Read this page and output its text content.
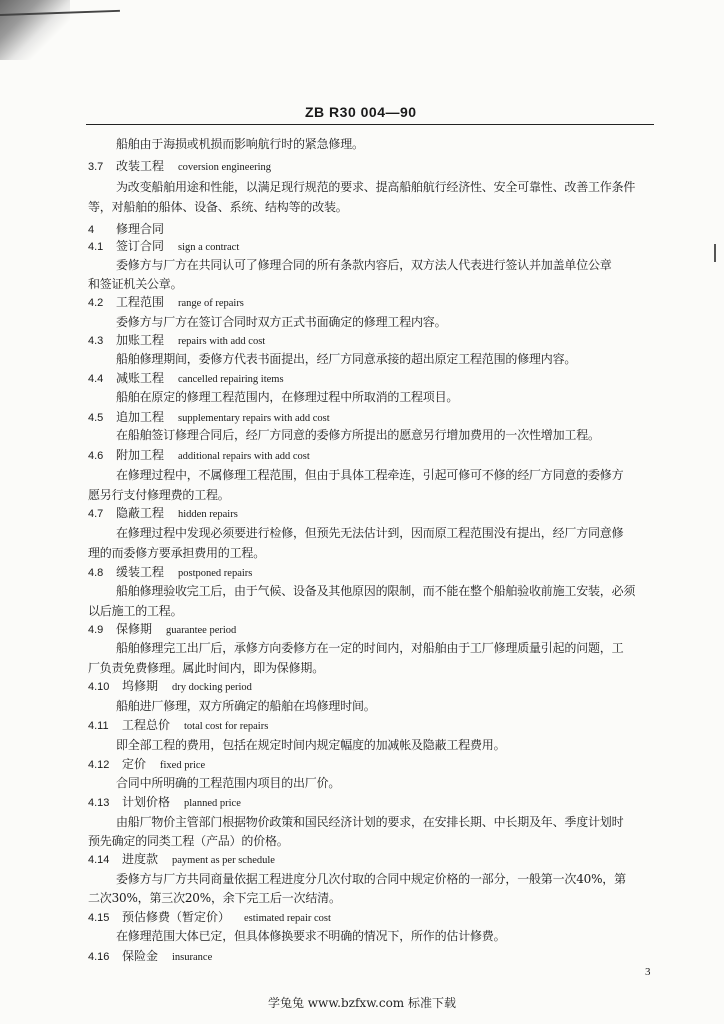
ZB R30 004—90
船舶由于海损或机损而影响航行时的紧急修理。
3.7 改装工程 coversion engineering
为改变船舶用途和性能，以满足现行规范的要求、提高船舶航行经济性、安全可靠性、改善工作条件
等，对船舶的船体、设备、系统、结构等的改装。
4 修理合同
4.1 签订合同 sign a contract
委修方与厂方在共同认可了修理合同的所有条款内容后，双方法人代表进行签认并加盖单位公章
和签证机关公章。
4.2 工程范围 range of repairs
委修方与厂方在签订合同时双方正式书面确定的修理工程内容。
4.3 加账工程 repairs with add cost
船舶修理期间，委修方代表书面提出，经厂方同意承接的超出原定工程范围的修理内容。
4.4 减账工程 cancelled repairing items
船舶在原定的修理工程范围内，在修理过程中所取消的工程项目。
4.5 追加工程 supplementary repairs with add cost
在船舶签订修理合同后，经厂方同意的委修方所提出的愿意另行增加费用的一次性增加工程。
4.6 附加工程 additional repairs with add cost
在修理过程中，不属修理工程范围，但由于具体工程牵连，引起可修可不修的经厂方同意的委修方
愿另行支付修理费的工程。
4.7 隐蔽工程 hidden repairs
在修理过程中发现必须要进行检修，但预先无法估计到，因而原工程范围没有提出，经厂方同意修
理的而委修方要承担费用的工程。
4.8 缓装工程 postponed repairs
船舶修理验收完工后，由于气候、设备及其他原因的限制，而不能在整个船舶验收前施工安装，必须
以后施工的工程。
4.9 保修期 guarantee period
船舶修理完工出厂后，承修方向委修方在一定的时间内，对船舶由于工厂修理质量引起的问题，工
厂负责免费修理。属此时间内，即为保修期。
4.10 坞修期 dry docking period
船舶进厂修理，双方所确定的船舶在坞修理时间。
4.11 工程总价 total cost for repairs
即全部工程的费用，包括在规定时间内规定幅度的加减帐及隐蔽工程费用。
4.12 定价 fixed price
合同中所明确的工程范围内项目的出厂价。
4.13 计划价格 planned price
由船厂物价主管部门根据物价政策和国民经济计划的要求，在安排长期、中长期及年、季度计划时
预先确定的同类工程（产品）的价格。
4.14 进度款 payment as per schedule
委修方与厂方共同商量依据工程进度分几次付取的合同中规定价格的一部分，一般第一次40%，第
二次30%，第三次20%，余下完工后一次结清。
4.15 预估修费（暂定价） estimated repair cost
在修理范围大体已定，但具体修换要求不明确的情况下，所作的估计修费。
4.16 保险金 insurance
3
学兔兔 www.bzfxw.com 标准下载
